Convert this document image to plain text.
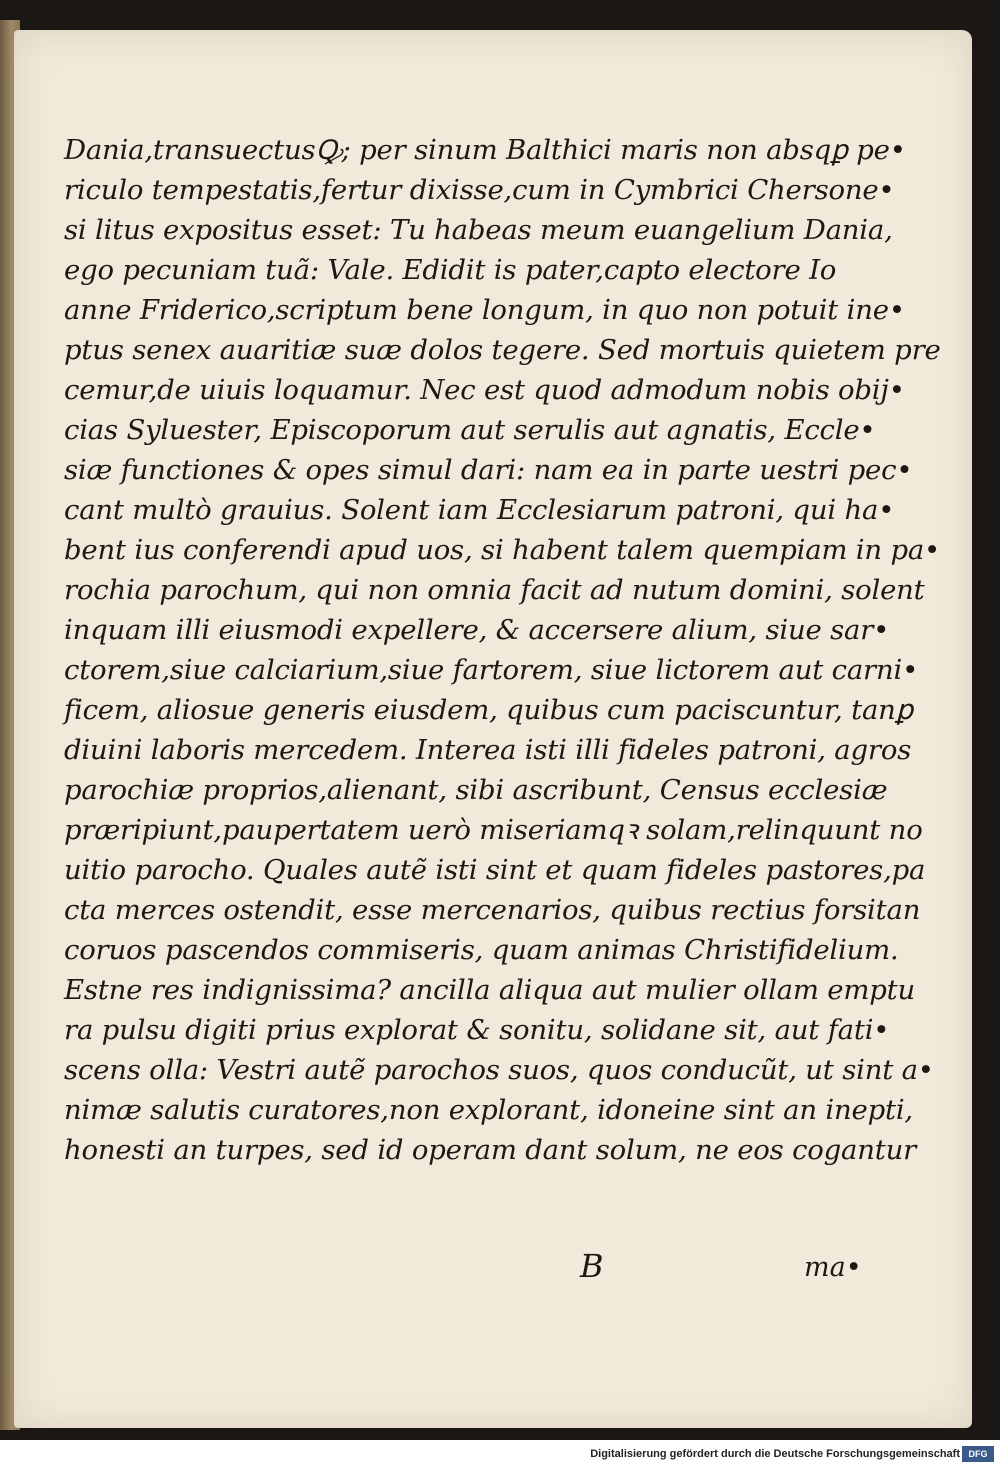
Dania,transuectusꝘ; per sinum Balthici maris non absqꝑ pe•
riculo tempestatis,fertur dixisse,cum in Cymbrici Chersone•
si litus expositus esset: Tu habeas meum euangelium Dania,
ego pecuniam tuã: Vale. Edidit is pater,capto electore Io
anne Friderico,scriptum bene longum, in quo non potuit ine•
ptus senex auaritiæ suæ dolos tegere. Sed mortuis quietem pre
cemur,de uiuis loquamur. Nec est quod admodum nobis obij•
cias Syluester, Episcoporum aut serulis aut agnatis, Eccle•
siæ functiones & opes simul dari: nam ea in parte uestri pec•
cant multò grauius. Solent iam Ecclesiarum patroni, qui ha•
bent ius conferendi apud uos, si habent talem quempiam in pa•
rochia parochum, qui non omnia facit ad nutum domini, solent
inquam illi eiusmodi expellere, & accersere alium, siue sar•
ctorem,siue calciarium,siue fartorem, siue lictorem aut carni•
ficem, aliosue generis eiusdem, quibus cum paciscuntur, tanꝑ
diuini laboris mercedem. Interea isti illi fideles patroni, agros
parochiæ proprios,alienant, sibi ascribunt, Census ecclesiæ
præripiunt,paupertatem uerò miseriamqꝛ solam,relinquunt no
uitio parocho. Quales autẽ isti sint et quam fideles pastores,pa
cta merces ostendit, esse mercenarios, quibus rectius forsitan
coruos pascendos commiseris, quam animas Christifidelium.
Estne res indignissima? ancilla aliqua aut mulier ollam emptu
ra pulsu digiti prius explorat & sonitu, solidane sit, aut fati•
scens olla: Vestri autẽ parochos suos, quos conducũt, ut sint a•
nimæ salutis curatores,non explorant, idoneine sint an inepti,
honesti an turpes, sed id operam dant solum, ne eos cogantur
B	ma•
Digitalisierung gefördert durch die Deutsche Forschungsgemeinschaft DFG
